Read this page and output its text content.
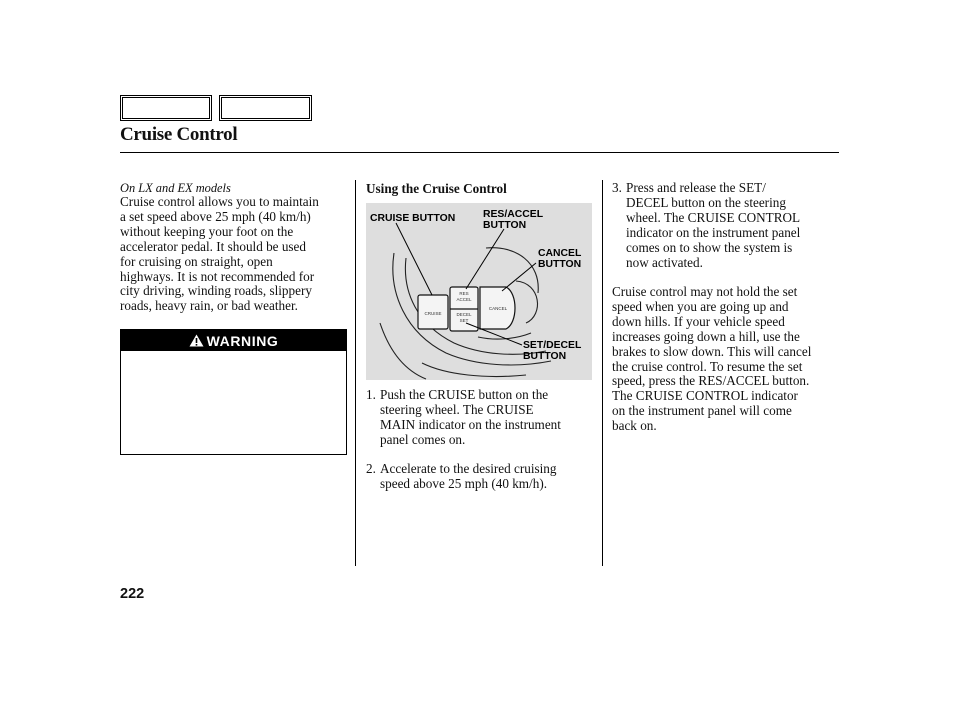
Cruise Control
On LX and EX models
Cruise control allows you to maintain
a set speed above 25 mph (40 km/h)
without keeping your foot on the
accelerator pedal. It should be used
for cruising on straight, open
highways. It is not recommended for
city driving, winding roads, slippery
roads, heavy rain, or bad weather.
WARNING
Using the Cruise Control
CRUISE
RES
ACCEL
DECEL
SET
CANCEL
CRUISE BUTTON	RES/ACCEL
BUTTON
CANCEL
BUTTON
SET/DECEL
BUTTON
1. Push the CRUISE button on the
steering wheel. The CRUISE
MAIN indicator on the instrument
panel comes on.
2. Accelerate to the desired cruising
speed above 25 mph (40 km/h).
3. Press and release the SET/
DECEL button on the steering
wheel. The CRUISE CONTROL
indicator on the instrument panel
comes on to show the system is
now activated.
Cruise control may not hold the set
speed when you are going up and
down hills. If your vehicle speed
increases going down a hill, use the
brakes to slow down. This will cancel
the cruise control. To resume the set
speed, press the RES/ACCEL button.
The CRUISE CONTROL indicator
on the instrument panel will come
back on.
222
